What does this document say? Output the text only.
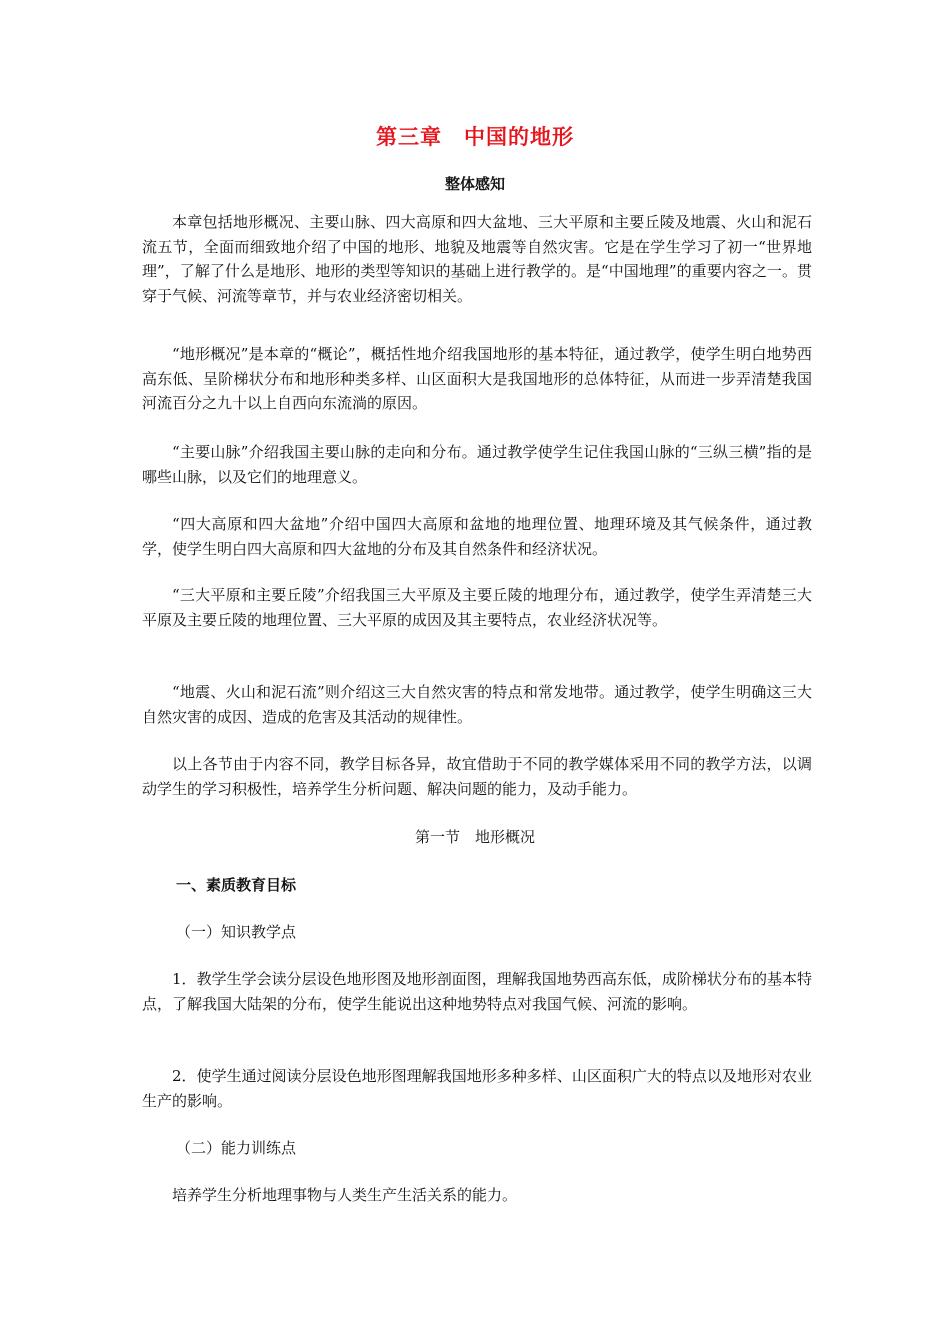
第三章　中国的地形
整体感知

本章包括地形概况、主要山脉、四大高原和四大盆地、三大平原和主要丘陵及地震、火山和泥石流五节，全面而细致地介绍了中国的地形、地貌及地震等自然灾害。它是在学生学习了初一“世界地理”，了解了什么是地形、地形的类型等知识的基础上进行教学的。是“中国地理”的重要内容之一。贯穿于气候、河流等章节，并与农业经济密切相关。

“地形概况”是本章的“概论”，概括性地介绍我国地形的基本特征，通过教学，使学生明白地势西高东低、呈阶梯状分布和地形种类多样、山区面积大是我国地形的总体特征，从而进一步弄清楚我国河流百分之九十以上自西向东流淌的原因。

“主要山脉”介绍我国主要山脉的走向和分布。通过教学使学生记住我国山脉的“三纵三横”指的是哪些山脉，以及它们的地理意义。

“四大高原和四大盆地”介绍中国四大高原和盆地的地理位置、地理环境及其气候条件，通过教学，使学生明白四大高原和四大盆地的分布及其自然条件和经济状况。

“三大平原和主要丘陵”介绍我国三大平原及主要丘陵的地理分布，通过教学，使学生弄清楚三大平原及主要丘陵的地理位置、三大平原的成因及其主要特点，农业经济状况等。

“地震、火山和泥石流”则介绍这三大自然灾害的特点和常发地带。通过教学，使学生明确这三大自然灾害的成因、造成的危害及其活动的规律性。

以上各节由于内容不同，教学目标各异，故宜借助于不同的教学媒体采用不同的教学方法，以调动学生的学习积极性，培养学生分析问题、解决问题的能力，及动手能力。

第一节　地形概况
一、素质教育目标
（一）知识教学点

1．教学生学会读分层设色地形图及地形剖面图，理解我国地势西高东低，成阶梯状分布的基本特点，了解我国大陆架的分布，使学生能说出这种地势特点对我国气候、河流的影响。

2．使学生通过阅读分层设色地形图理解我国地形多种多样、山区面积广大的特点以及地形对农业生产的影响。

（二）能力训练点

培养学生分析地理事物与人类生产生活关系的能力。
